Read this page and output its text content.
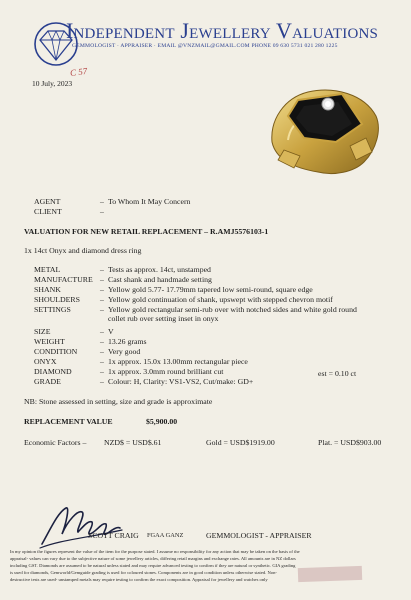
Independent Jewellery Valuations
GEMMOLOGIST · APPRAISER · EMAIL @VNZMAIL@GMAIL.COM PHONE 09 630 5731 021 280 1225
C 57
10 July, 2023
AGENT	– To Whom It May Concern
CLIENT	–
VALUATION FOR NEW RETAIL REPLACEMENT – R.AMJ5576103-1
1x 14ct Onyx and diamond dress ring
METAL	– Tests as approx. 14ct, unstamped
MANUFACTURE – Cast shank and handmade setting
SHANK	– Yellow gold 5.77- 17.79mm tapered low semi-round, square edge
SHOULDERS	– Yellow gold continuation of shank, upswept with stepped chevron motif
SETTINGS	– Yellow gold rectangular semi-rub over with notched sides and white gold round
collet rub over setting inset in onyx
SIZE	– V
WEIGHT	– 13.26 grams
CONDITION	– Very good
ONYX	– 1x approx. 15.0x 13.00mm rectangular piece
DIAMOND	– 1x approx. 3.0mm round brilliant cut	est = 0.10 ct
GRADE	– Colour: H, Clarity: VS1-VS2, Cut/make: GD+
NB: Stone assessed in setting, size and grade is approximate
REPLACEMENT VALUE	$5,900.00
Economic Factors – NZD$ = USD$.61	Gold = USD$1919.00	Plat. = USD$903.00
SCOTT CRAIG FGAA GANZ	GEMMOLOGIST - APPRAISER
In my opinion the figures represent the value of the item for the purpose stated. I assume no responsibility for any action that may be taken on the basis of the
appraisal- values can vary due to the subjective nature of some jewellery articles, differing retail margins and exchange rates. All amounts are in NZ dollars
including GST. Diamonds are assumed to be natural unless stated and may require advanced testing to confirm if they are natural or synthetic. GIA grading
is used for diamonds, Gemworld/Gemguide grading is used for coloured stones. Components are in good condition unless otherwise stated. Non-
destructive tests are used- unstamped metals may require testing to confirm the exact composition. Appraisal for jewellery and watches only
